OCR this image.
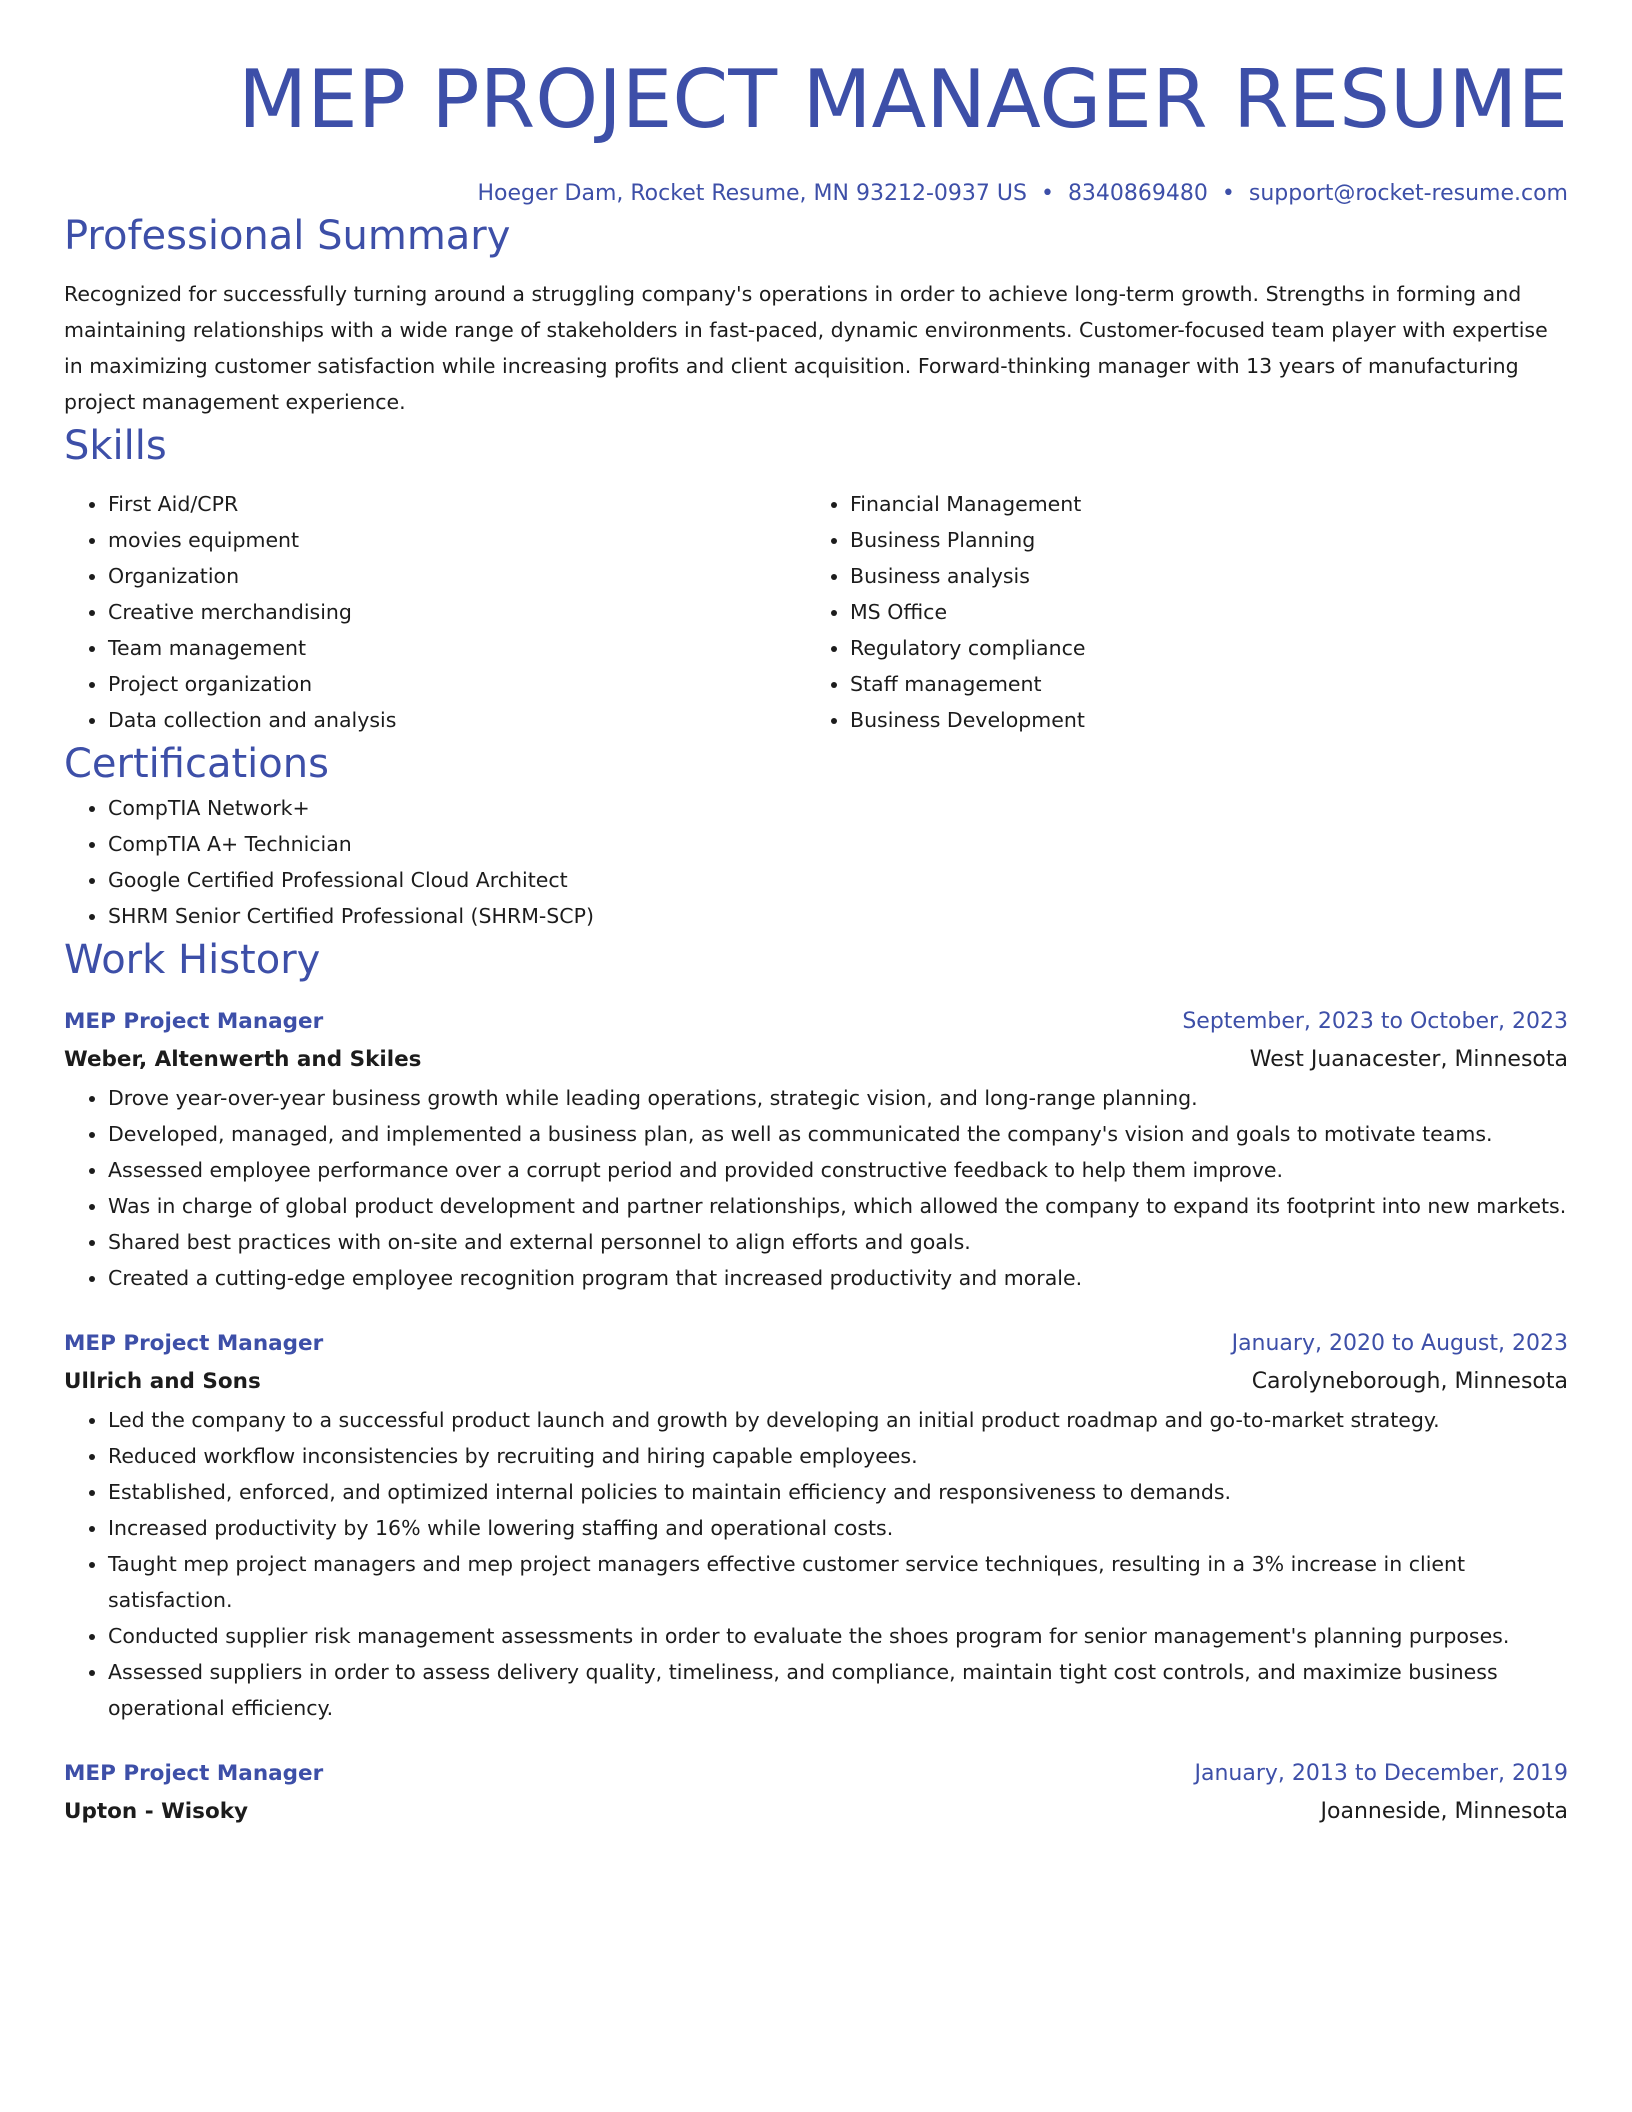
MEP PROJECT MANAGER RESUME
Hoeger Dam, Rocket Resume, MN 93212-0937 US • 8340869480 • support@rocket-resume.com
Professional Summary

Recognized for successfully turning around a struggling company's operations in order to achieve long-term growth. Strengths in forming and maintaining relationships with a wide range of stakeholders in fast-paced, dynamic environments. Customer-focused team player with expertise in maximizing customer satisfaction while increasing profits and client acquisition. Forward-thinking manager with 13 years of manufacturing project management experience.

Skills
• First Aid/CPR
• movies equipment
• Organization
• Creative merchandising
• Team management
• Project organization
• Data collection and analysis
• Financial Management
• Business Planning
• Business analysis
• MS Office
• Regulatory compliance
• Staff management
• Business Development
Certifications
• CompTIA Network+
• CompTIA A+ Technician
• Google Certified Professional Cloud Architect
• SHRM Senior Certified Professional (SHRM-SCP)
Work History
MEP Project Manager	September, 2023 to October, 2023
Weber, Altenwerth and Skiles	West Juanacester, Minnesota
• Drove year-over-year business growth while leading operations, strategic vision, and long-range planning.
• Developed, managed, and implemented a business plan, as well as communicated the company's vision and goals to motivate teams.
• Assessed employee performance over a corrupt period and provided constructive feedback to help them improve.
• Was in charge of global product development and partner relationships, which allowed the company to expand its footprint into new markets.
• Shared best practices with on-site and external personnel to align efforts and goals.
• Created a cutting-edge employee recognition program that increased productivity and morale.
MEP Project Manager	January, 2020 to August, 2023
Ullrich and Sons	Carolyneborough, Minnesota
• Led the company to a successful product launch and growth by developing an initial product roadmap and go-to-market strategy.
• Reduced workflow inconsistencies by recruiting and hiring capable employees.
• Established, enforced, and optimized internal policies to maintain efficiency and responsiveness to demands.
• Increased productivity by 16% while lowering staffing and operational costs.
• Taught mep project managers and mep project managers effective customer service techniques, resulting in a 3% increase in client satisfaction.
• Conducted supplier risk management assessments in order to evaluate the shoes program for senior management's planning purposes.
• Assessed suppliers in order to assess delivery quality, timeliness, and compliance, maintain tight cost controls, and maximize business operational efficiency.
MEP Project Manager	January, 2013 to December, 2019
Upton - Wisoky	Joanneside, Minnesota
